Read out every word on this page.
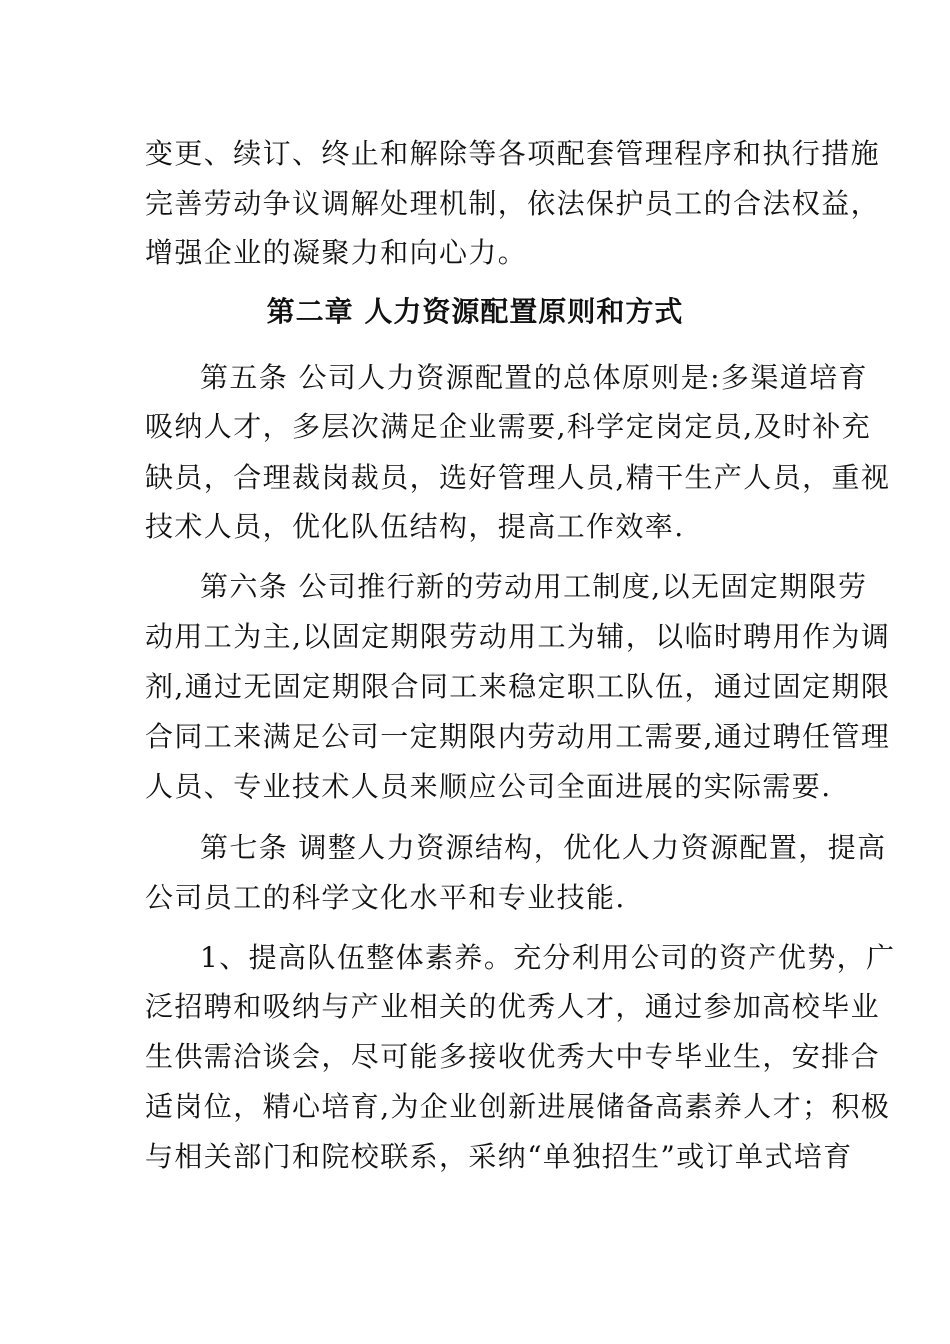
变更、续订、终止和解除等各项配套管理程序和执行措施
完善劳动争议调解处理机制，依法保护员工的合法权益，
增强企业的凝聚力和向心力。
第二章 人力资源配置原则和方式
第五条 公司人力资源配置的总体原则是:多渠道培育
吸纳人才，多层次满足企业需要,科学定岗定员,及时补充
缺员，合理裁岗裁员，选好管理人员,精干生产人员，重视
技术人员，优化队伍结构，提高工作效率.
第六条 公司推行新的劳动用工制度,以无固定期限劳
动用工为主,以固定期限劳动用工为辅，以临时聘用作为调
剂,通过无固定期限合同工来稳定职工队伍，通过固定期限
合同工来满足公司一定期限内劳动用工需要,通过聘任管理
人员、专业技术人员来顺应公司全面进展的实际需要.
第七条 调整人力资源结构，优化人力资源配置，提高
公司员工的科学文化水平和专业技能.
1、提高队伍整体素养。充分利用公司的资产优势，广
泛招聘和吸纳与产业相关的优秀人才，通过参加高校毕业
生供需洽谈会，尽可能多接收优秀大中专毕业生，安排合
适岗位，精心培育,为企业创新进展储备高素养人才；积极
与相关部门和院校联系，采纳“单独招生”或订单式培育
